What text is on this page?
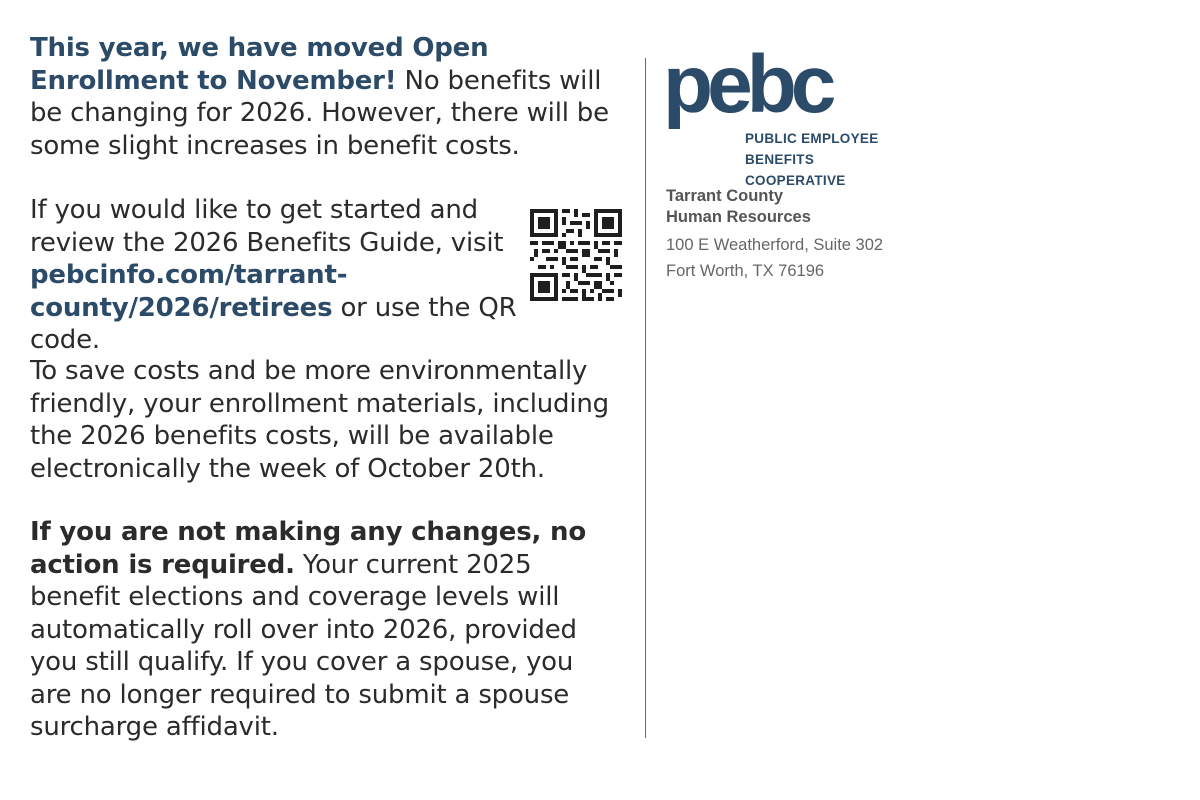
This year, we have moved Open Enrollment to November! No benefits will be changing for 2026. However, there will be some slight increases in benefit costs.

If you would like to get started and review the 2026 Benefits Guide, visit pebcinfo.com/tarrant-county/2026/retirees or use the QR code.

To save costs and be more environmentally friendly, your enrollment materials, including the 2026 benefits costs, will be available electronically the week of October 20th.

If you are not making any changes, no action is required. Your current 2025 benefit elections and coverage levels will automatically roll over into 2026, provided you still qualify. If you cover a spouse, you are no longer required to submit a spouse surcharge affidavit.

pebc
PUBLIC EMPLOYEE
BENEFITS COOPERATIVE
Tarrant County
Human Resources
100 E Weatherford, Suite 302
Fort Worth, TX 76196
